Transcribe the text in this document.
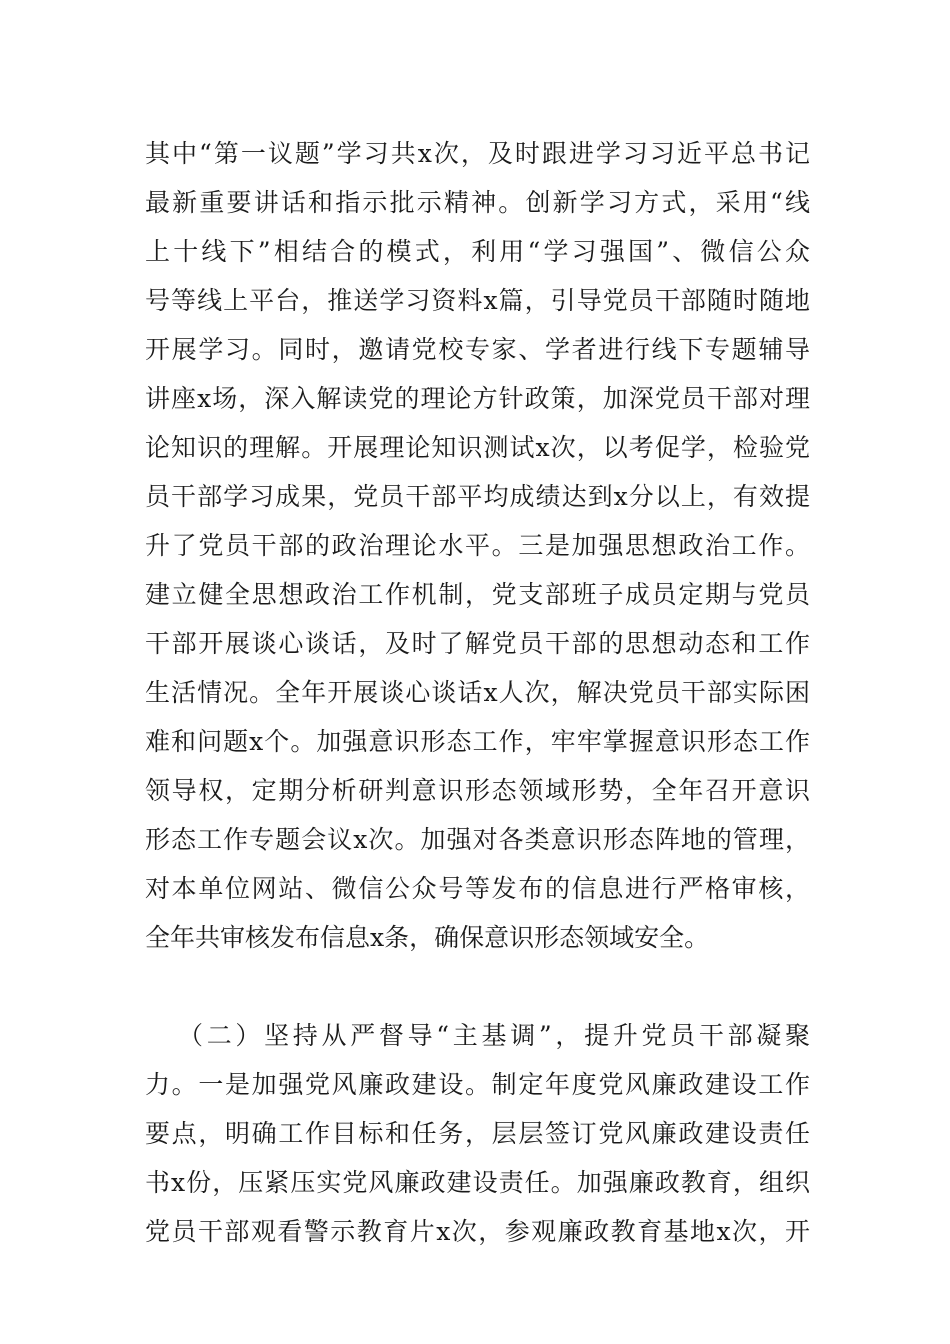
其中“第一议题”学习共x次，及时跟进学习习近平总书记
最新重要讲话和指示批示精神。创新学习方式，采用“线
上十线下”相结合的模式，利用“学习强国”、微信公众
号等线上平台，推送学习资料x篇，引导党员干部随时随地
开展学习。同时，邀请党校专家、学者进行线下专题辅导
讲座x场，深入解读党的理论方针政策，加深党员干部对理
论知识的理解。开展理论知识测试x次，以考促学，检验党
员干部学习成果，党员干部平均成绩达到x分以上，有效提
升了党员干部的政治理论水平。三是加强思想政治工作。
建立健全思想政治工作机制，党支部班子成员定期与党员
干部开展谈心谈话，及时了解党员干部的思想动态和工作
生活情况。全年开展谈心谈话x人次，解决党员干部实际困
难和问题x个。加强意识形态工作，牢牢掌握意识形态工作
领导权，定期分析研判意识形态领域形势，全年召开意识
形态工作专题会议x次。加强对各类意识形态阵地的管理，
对本单位网站、微信公众号等发布的信息进行严格审核，
全年共审核发布信息x条，确保意识形态领域安全。
（二）坚持从严督导“主基调”，提升党员干部凝聚
力。一是加强党风廉政建设。制定年度党风廉政建设工作
要点，明确工作目标和任务，层层签订党风廉政建设责任
书x份，压紧压实党风廉政建设责任。加强廉政教育，组织
党员干部观看警示教育片x次，参观廉政教育基地x次，开
